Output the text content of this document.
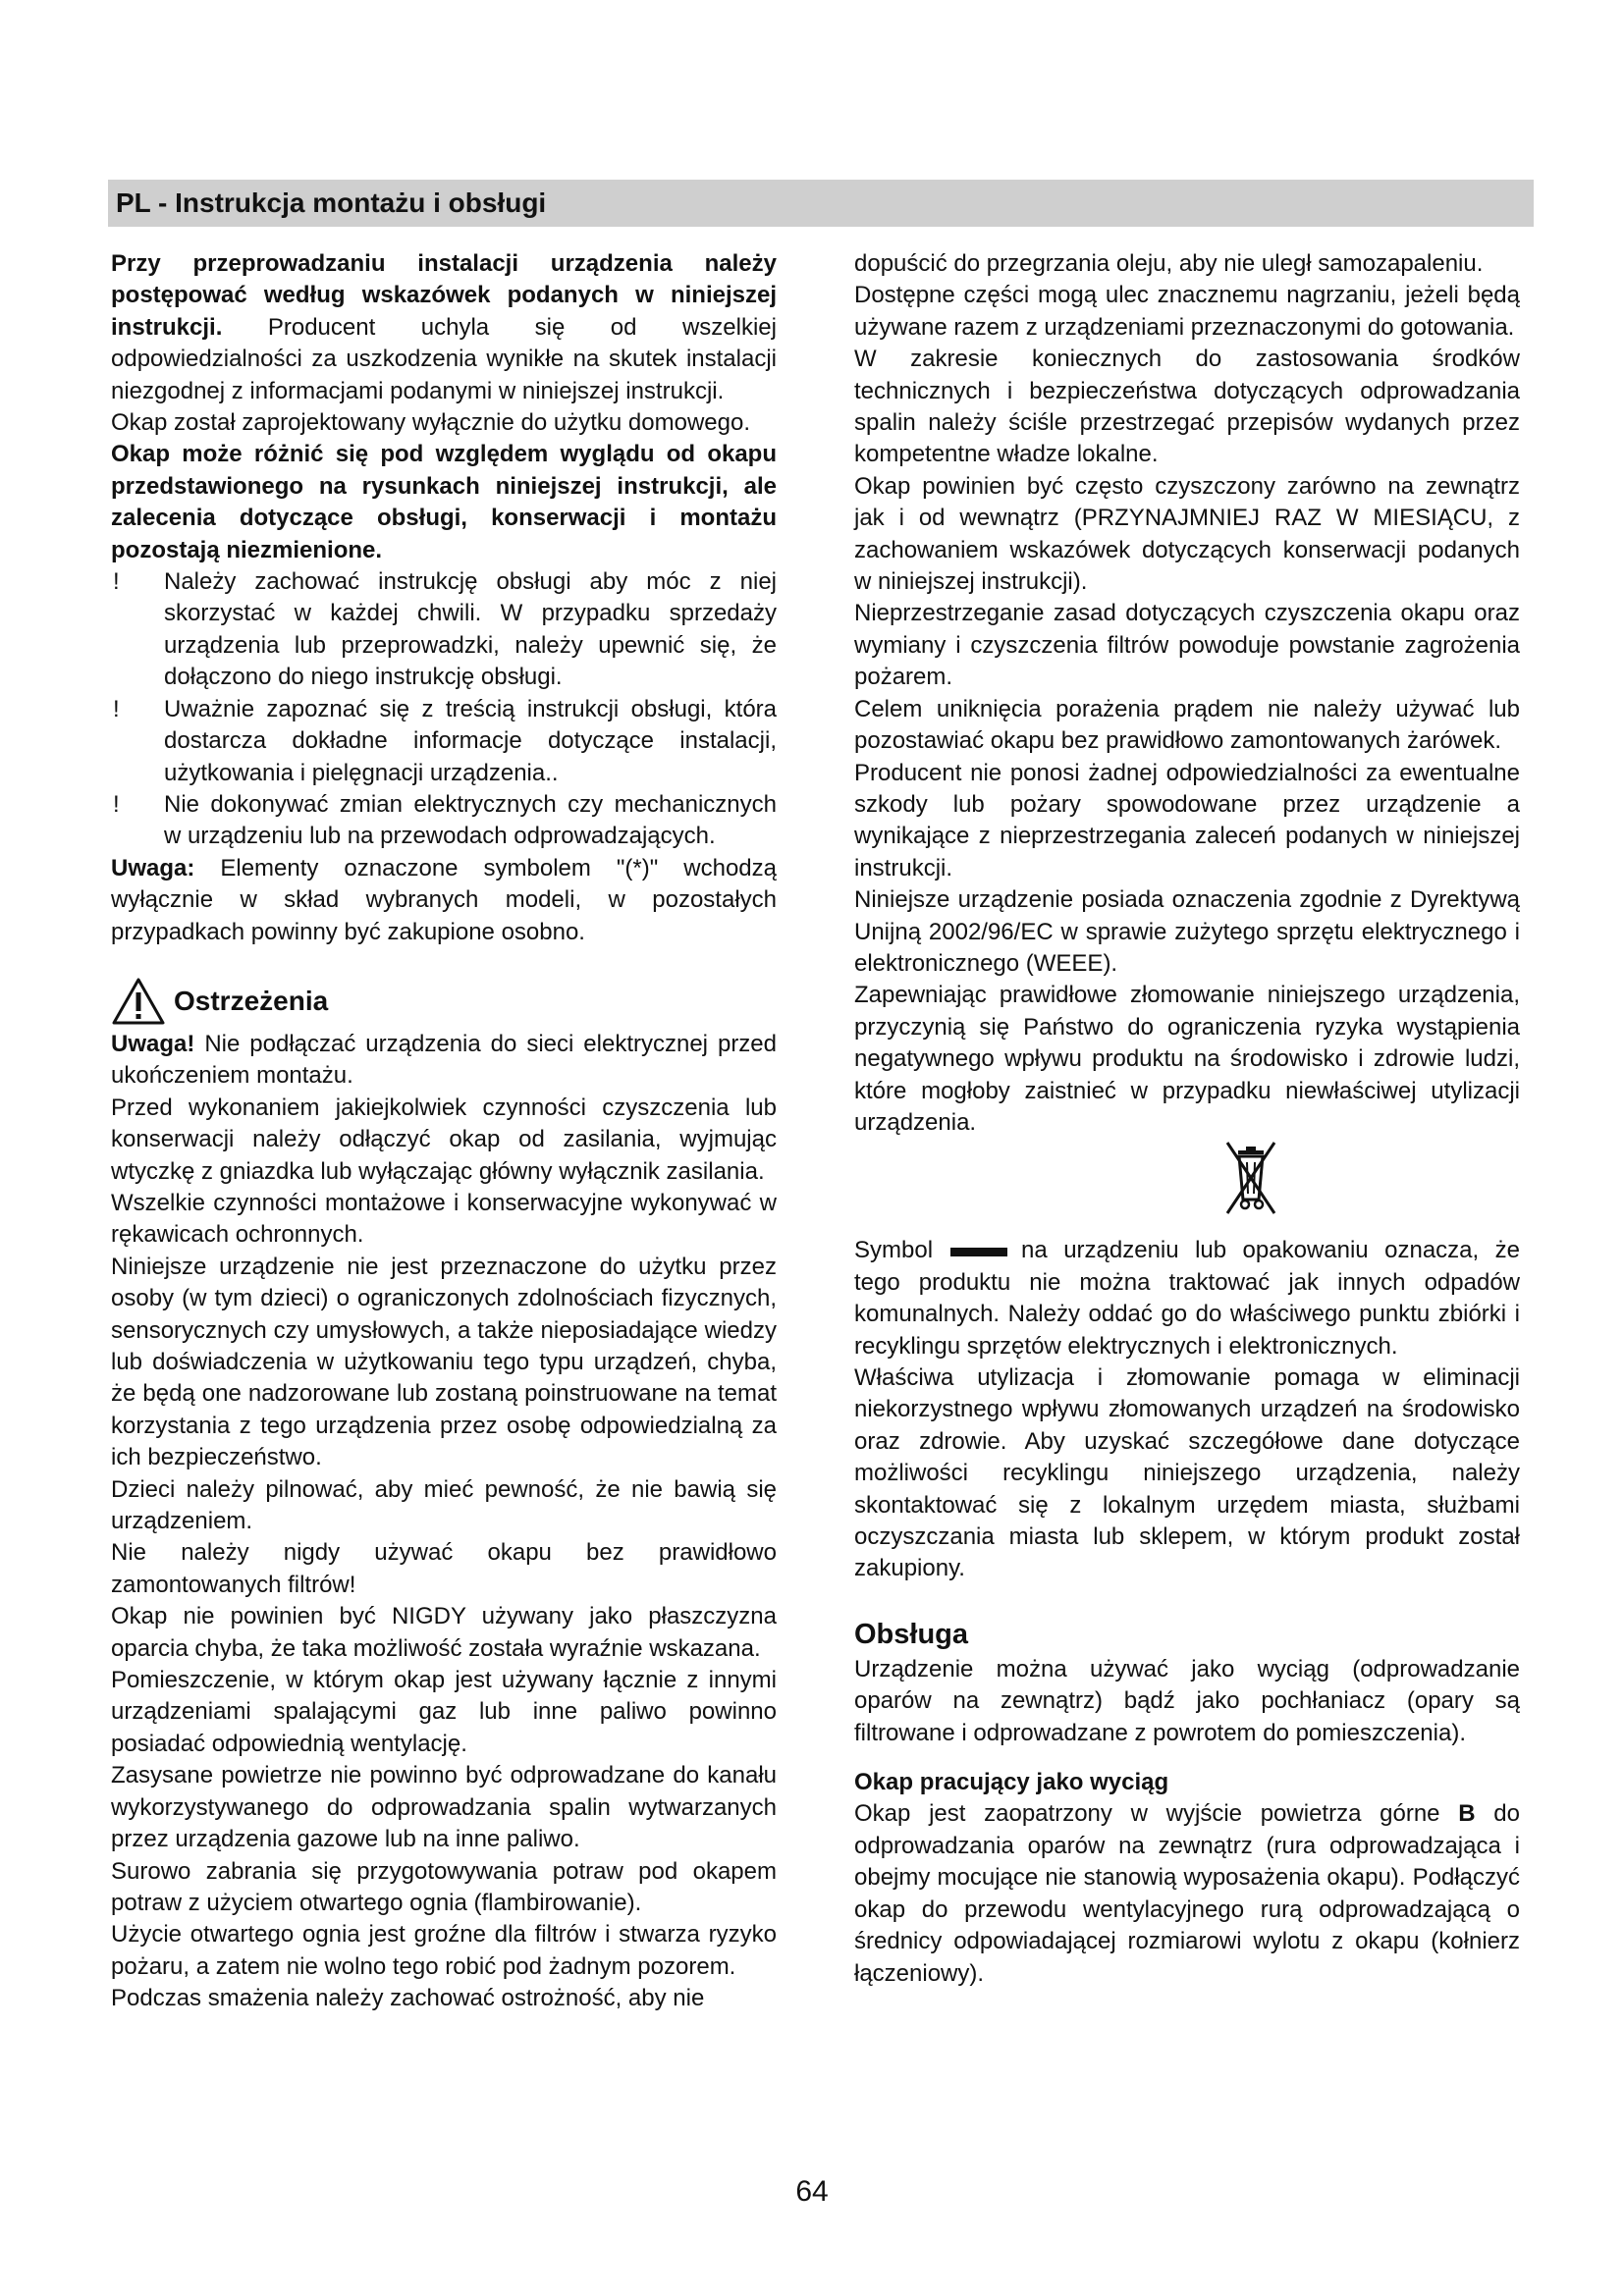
PL - Instrukcja montażu i obsługi

Przy przeprowadzaniu instalacji urządzenia należy postępować według wskazówek podanych w niniejszej instrukcji. Producent uchyla się od wszelkiej odpowiedzialności za uszkodzenia wynikłe na skutek instalacji niezgodnej z informacjami podanymi w niniejszej instrukcji.

Okap został zaprojektowany wyłącznie do użytku domowego.

Okap może różnić się pod względem wyglądu od okapu przedstawionego na rysunkach niniejszej instrukcji, ale zalecenia dotyczące obsługi, konserwacji i montażu pozostają niezmienione.

!	Należy zachować instrukcję obsługi aby móc z niej skorzystać w każdej chwili. W przypadku sprzedaży urządzenia lub przeprowadzki, należy upewnić się, że dołączono do niego instrukcję obsługi.
!	Uważnie zapoznać się z treścią instrukcji obsługi, która dostarcza dokładne informacje dotyczące instalacji, użytkowania i pielęgnacji urządzenia..
!	Nie dokonywać zmian elektrycznych czy mechanicznych w urządzeniu lub na przewodach odprowadzających.

Uwaga: Elementy oznaczone symbolem "(*)" wchodzą wyłącznie w skład wybranych modeli, w pozostałych przypadkach powinny być zakupione osobno.

Ostrzeżenia

Uwaga! Nie podłączać urządzenia do sieci elektrycznej przed ukończeniem montażu.

Przed wykonaniem jakiejkolwiek czynności czyszczenia lub konserwacji należy odłączyć okap od zasilania, wyjmując wtyczkę z gniazdka lub wyłączając główny wyłącznik zasilania.

Wszelkie czynności montażowe i konserwacyjne wykonywać w rękawicach ochronnych.

Niniejsze urządzenie nie jest przeznaczone do użytku przez osoby (w tym dzieci) o ograniczonych zdolnościach fizycznych, sensorycznych czy umysłowych, a także nieposiadające wiedzy lub doświadczenia w użytkowaniu tego typu urządzeń, chyba, że będą one nadzorowane lub zostaną poinstruowane na temat korzystania z tego urządzenia przez osobę odpowiedzialną za ich bezpieczeństwo.

Dzieci należy pilnować, aby mieć pewność, że nie bawią się urządzeniem.

Nie należy nigdy używać okapu bez prawidłowo zamontowanych filtrów!

Okap nie powinien być NIGDY używany jako płaszczyzna oparcia chyba, że taka możliwość została wyraźnie wskazana.

Pomieszczenie, w którym okap jest używany łącznie z innymi urządzeniami spalającymi gaz lub inne paliwo powinno posiadać odpowiednią wentylację.

Zasysane powietrze nie powinno być odprowadzane do kanału wykorzystywanego do odprowadzania spalin wytwarzanych przez urządzenia gazowe lub na inne paliwo.

Surowo zabrania się przygotowywania potraw pod okapem potraw z użyciem otwartego ognia (flambirowanie).

Użycie otwartego ognia jest groźne dla filtrów i stwarza ryzyko pożaru, a zatem nie wolno tego robić pod żadnym pozorem.

Podczas smażenia należy zachować ostrożność, aby nie

dopuścić do przegrzania oleju, aby nie uległ samozapaleniu.

Dostępne części mogą ulec znacznemu nagrzaniu, jeżeli będą używane razem z urządzeniami przeznaczonymi do gotowania.

W zakresie koniecznych do zastosowania środków technicznych i bezpieczeństwa dotyczących odprowadzania spalin należy ściśle przestrzegać przepisów wydanych przez kompetentne władze lokalne.

Okap powinien być często czyszczony zarówno na zewnątrz jak i od wewnątrz (PRZYNAJMNIEJ RAZ W MIESIĄCU, z zachowaniem wskazówek dotyczących konserwacji podanych w niniejszej instrukcji).

Nieprzestrzeganie zasad dotyczących czyszczenia okapu oraz wymiany i czyszczenia filtrów powoduje powstanie zagrożenia pożarem.

Celem uniknięcia porażenia prądem nie należy używać lub pozostawiać okapu bez prawidłowo zamontowanych żarówek.

Producent nie ponosi żadnej odpowiedzialności za ewentualne szkody lub pożary spowodowane przez urządzenie a wynikające z nieprzestrzegania zaleceń podanych w niniejszej instrukcji.

Niniejsze urządzenie posiada oznaczenia zgodnie z Dyrektywą Unijną 2002/96/EC w sprawie zużytego sprzętu elektrycznego i elektronicznego (WEEE).

Zapewniając prawidłowe złomowanie niniejszego urządzenia, przyczynią się Państwo do ograniczenia ryzyka wystąpienia negatywnego wpływu produktu na środowisko i zdrowie ludzi, które mogłoby zaistnieć w przypadku niewłaściwej utylizacji urządzenia.

Symbol	na urządzeniu lub opakowaniu oznacza, że tego produktu nie można traktować jak innych odpadów komunalnych. Należy oddać go do właściwego punktu zbiórki i recyklingu sprzętów elektrycznych i elektronicznych.

Właściwa utylizacja i złomowanie pomaga w eliminacji niekorzystnego wpływu złomowanych urządzeń na środowisko oraz zdrowie. Aby uzyskać szczegółowe dane dotyczące możliwości recyklingu niniejszego urządzenia, należy skontaktować się z lokalnym urzędem miasta, służbami oczyszczania miasta lub sklepem, w którym produkt został zakupiony.

Obsługa

Urządzenie można używać jako wyciąg (odprowadzanie oparów na zewnątrz) bądź jako pochłaniacz (opary są filtrowane i odprowadzane z powrotem do pomieszczenia).

Okap pracujący jako wyciąg

Okap jest zaopatrzony w wyjście powietrza górne B do odprowadzania oparów na zewnątrz (rura odprowadzająca i obejmy mocujące nie stanowią wyposażenia okapu). Podłączyć okap do przewodu wentylacyjnego rurą odprowadzającą o średnicy odpowiadającej rozmiarowi wylotu z okapu (kołnierz łączeniowy).

64
